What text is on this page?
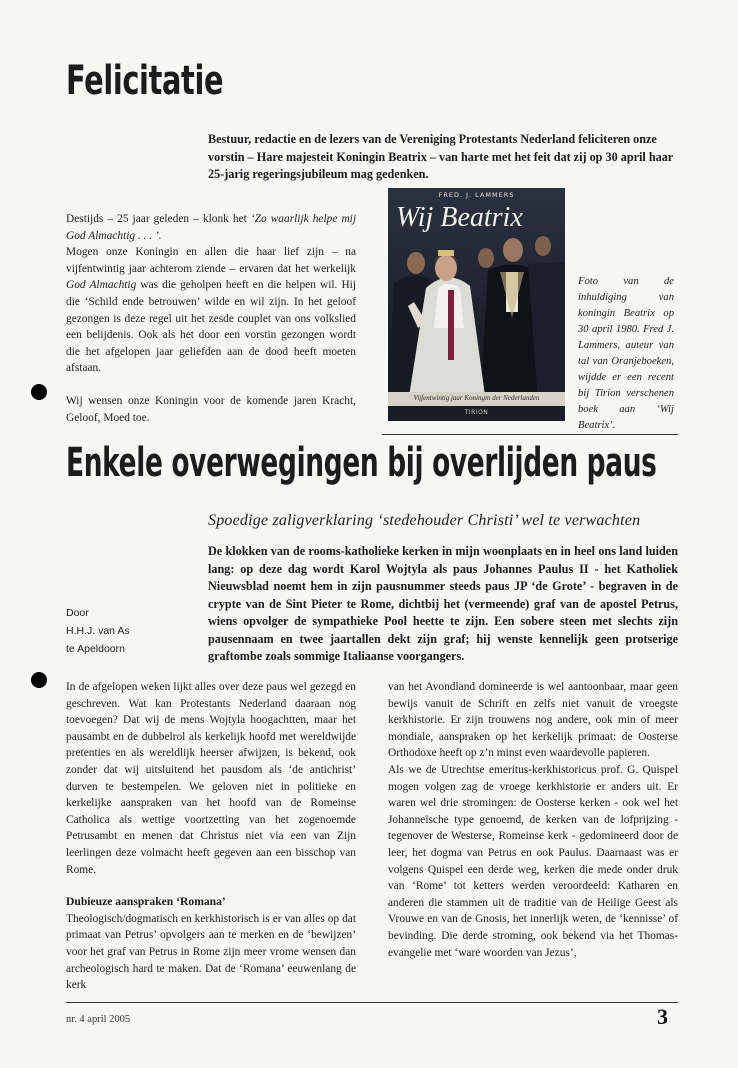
Felicitatie
Bestuur, redactie en de lezers van de Vereniging Protestants Nederland feliciteren onze vorstin – Hare majesteit Koningin Beatrix – van harte met het feit dat zij op 30 april haar 25-jarig regeringsjubileum mag gedenken.

Destijds – 25 jaar geleden – klonk het ‘Zo waarlijk helpe mij God Almachtig . . . ’.

Mogen onze Koningin en allen die haar lief zijn – na vijfentwintig jaar achterom ziende – ervaren dat het werkelijk God Almachtig was die geholpen heeft en die helpen wil. Hij die ‘Schild ende betrouwen’ wilde en wil zijn. In het geloof gezongen is deze regel uit het zesde couplet van ons volkslied een belijdenis. Ook als het door een vorstin gezongen wordt die het afgelopen jaar geliefden aan de dood heeft moeten afstaan.

Wij wensen onze Koningin voor de komende jaren Kracht, Geloof, Moed toe.

FRED. J. LAMMERS
Wij Beatrix
Vijfentwintig jaar Koningin der Nederlanden
TIRION
Foto van de inhuldiging van koningin Beatrix op 30 april 1980. Fred J. Lammers, auteur van tal van Oranjeboeken, wijdde er een recent bij Tirion verschenen boek aan ‘Wij Beatrix’.
Enkele overwegingen bij overlijden paus
Spoedige zaligverklaring ‘stedehouder Christi’ wel te verwachten
Door
H.H.J. van As
te Apeldoorn
De klokken van de rooms-katholieke kerken in mijn woonplaats en in heel ons land luiden lang: op deze dag wordt Karol Wojtyla als paus Johannes Paulus II - het Katholiek Nieuwsblad noemt hem in zijn pausnummer steeds paus JP ‘de Grote’ - begraven in de crypte van de Sint Pieter te Rome, dichtbij het (vermeende) graf van de apostel Petrus, wiens opvolger de sympathieke Pool heette te zijn. Een sobere steen met slechts zijn pausennaam en twee jaartallen dekt zijn graf; hij wenste kennelijk geen protserige graftombe zoals sommige Italiaanse voorgangers.

In de afgelopen weken lijkt alles over deze paus wel gezegd en geschreven. Wat kan Protestants Nederland daaraan nog toevoegen? Dat wij de mens Wojtyla hoogachtten, maar het pausambt en de dubbelrol als kerkelijk hoofd met wereldwijde pretenties en als wereldlijk heerser afwijzen, is bekend, ook zonder dat wij uitsluitend het pausdom als ‘de antichrist’ durven te bestempelen. We geloven niet in politieke en kerkelijke aanspraken van het hoofd van de Romeinse Catholica als wettige voortzetting van het zogenoemde Petrusambt en menen dat Christus niet via een van Zijn leerlingen deze volmacht heeft gegeven aan een bisschop van Rome.

Dubieuze aanspraken ‘Romana’

Theologisch/dogmatisch en kerkhistorisch is er van alles op dat primaat van Petrus’ opvolgers aan te merken en de ‘bewijzen’ voor het graf van Petrus in Rome zijn meer vrome wensen dan archeologisch hard te maken. Dat de ‘Romana’ eeuwenlang de kerk

van het Avondland domineerde is wel aantoonbaar, maar geen bewijs vanuit de Schrift en zelfs niet vanuit de vroegste kerkhistorie. Er zijn trouwens nog andere, ook min of meer mondiale, aanspraken op het kerkelijk primaat: de Oosterse Orthodoxe heeft op z’n minst even waardevolle papieren.

Als we de Utrechtse emeritus-kerkhistoricus prof. G. Quispel mogen volgen zag de vroege kerkhistorie er anders uit. Er waren wel drie stromingen: de Oosterse kerken - ook wel het Johanneïsche type genoemd, de kerken van de lofprijzing - tegenover de Westerse, Romeinse kerk - gedomineerd door de leer, het dogma van Petrus en ook Paulus. Daarnaast was er volgens Quispel een derde weg, kerken die mede onder druk van ‘Rome’ tot ketters werden veroordeeld: Katharen en anderen die stammen uit de traditie van de Heilige Geest als Vrouwe en van de Gnosis, het innerlijk weten, de ‘kennisse’ of bevinding. Die derde stroming, ook bekend via het Thomas-evangelie met ‘ware woorden van Jezus’,

nr. 4 april 2005	3
